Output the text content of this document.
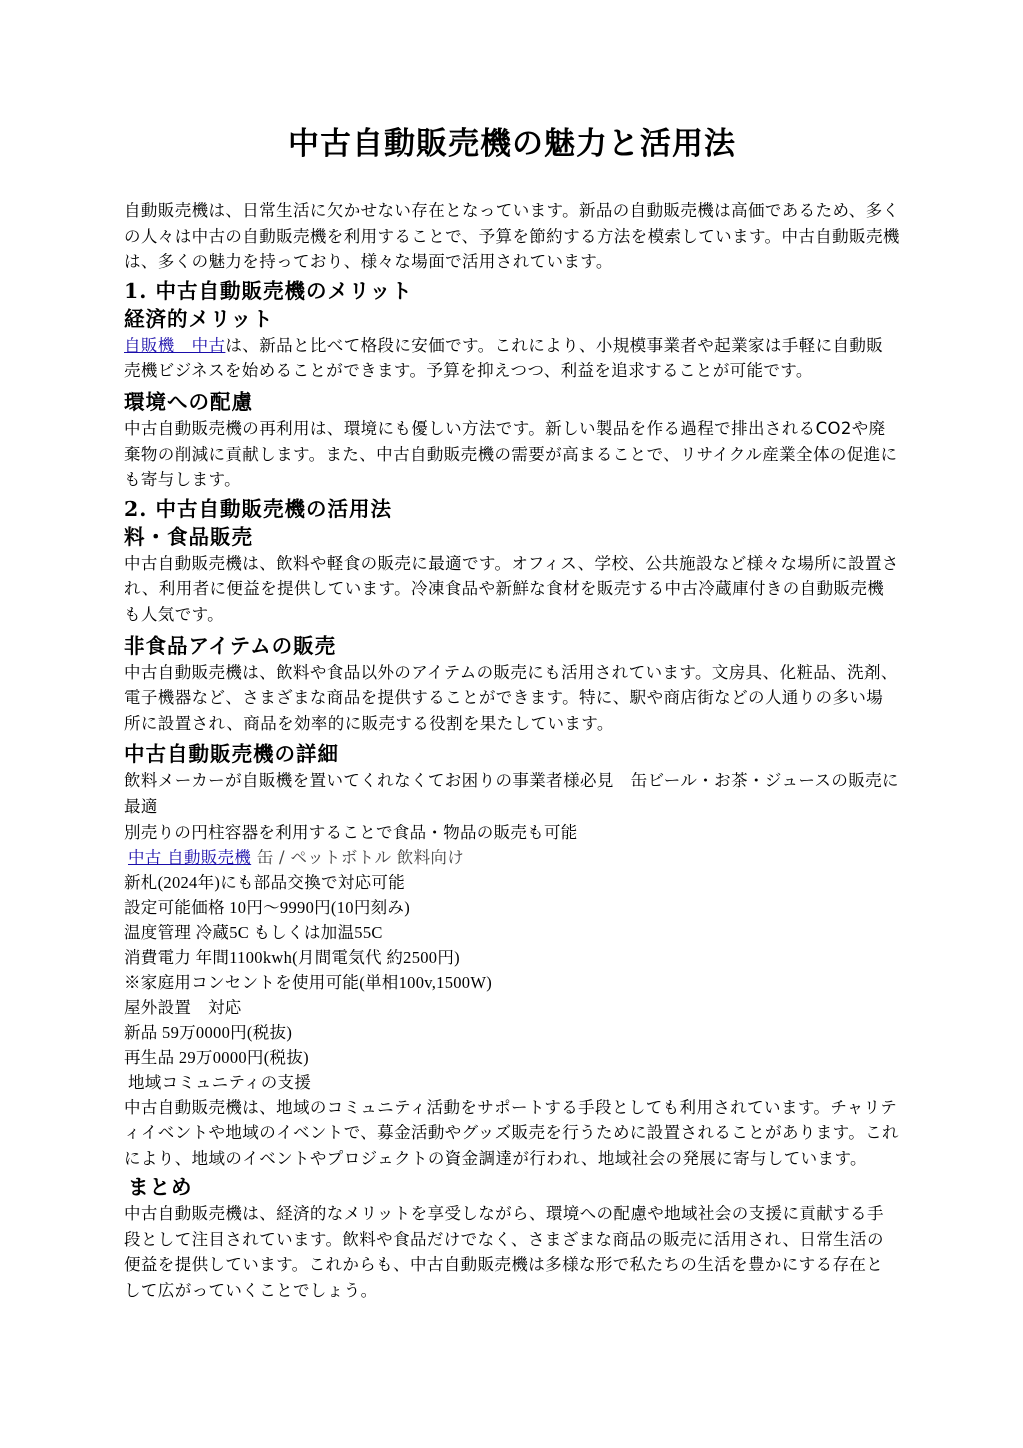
中古自動販売機の魅力と活用法

自動販売機は、日常生活に欠かせない存在となっています。新品の自動販売機は高価であるため、多くの人々は中古の自動販売機を利用することで、予算を節約する方法を模索しています。中古自動販売機は、多くの魅力を持っており、様々な場面で活用されています。

1. 中古自動販売機のメリット
経済的メリット

自販機　中古は、新品と比べて格段に安価です。これにより、小規模事業者や起業家は手軽に自動販売機ビジネスを始めることができます。予算を抑えつつ、利益を追求することが可能です。

環境への配慮

中古自動販売機の再利用は、環境にも優しい方法です。新しい製品を作る過程で排出されるCO2や廃棄物の削減に貢献します。また、中古自動販売機の需要が高まることで、リサイクル産業全体の促進にも寄与します。

2. 中古自動販売機の活用法
料・食品販売

中古自動販売機は、飲料や軽食の販売に最適です。オフィス、学校、公共施設など様々な場所に設置され、利用者に便益を提供しています。冷凍食品や新鮮な食材を販売する中古冷蔵庫付きの自動販売機も人気です。

非食品アイテムの販売

中古自動販売機は、飲料や食品以外のアイテムの販売にも活用されています。文房具、化粧品、洗剤、電子機器など、さまざまな商品を提供することができます。特に、駅や商店街などの人通りの多い場所に設置され、商品を効率的に販売する役割を果たしています。

中古自動販売機の詳細

飲料メーカーが自販機を置いてくれなくてお困りの事業者様必見　缶ビール・お茶・ジュースの販売に最適

別売りの円柱容器を利用することで食品・物品の販売も可能
中古 自動販売機 缶 / ペットボトル 飲料向け
新札(2024年)にも部品交換で対応可能
設定可能価格 10円〜9990円(10円刻み)
温度管理 冷蔵5C もしくは加温55C
消費電力 年間1100kwh(月間電気代 約2500円)
※家庭用コンセントを使用可能(単相100v,1500W)
屋外設置　対応
新品 59万0000円(税抜)
再生品 29万0000円(税抜)
地域コミュニティの支援

中古自動販売機は、地域のコミュニティ活動をサポートする手段としても利用されています。チャリティイベントや地域のイベントで、募金活動やグッズ販売を行うために設置されることがあります。これにより、地域のイベントやプロジェクトの資金調達が行われ、地域社会の発展に寄与しています。

まとめ

中古自動販売機は、経済的なメリットを享受しながら、環境への配慮や地域社会の支援に貢献する手段として注目されています。飲料や食品だけでなく、さまざまな商品の販売に活用され、日常生活の便益を提供しています。これからも、中古自動販売機は多様な形で私たちの生活を豊かにする存在として広がっていくことでしょう。
